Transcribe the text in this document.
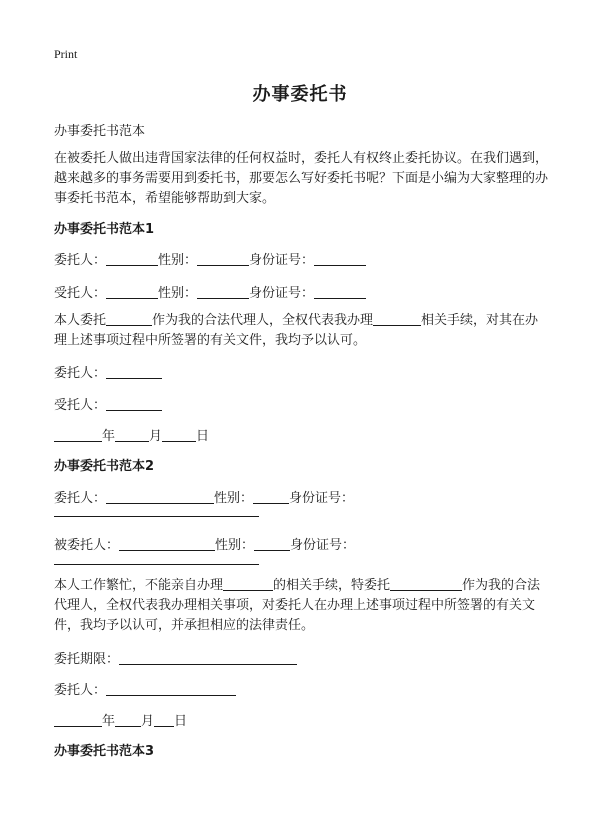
Print
办事委托书
办事委托书范本
在被委托人做出违背国家法律的任何权益时，委托人有权终止委托协议。在我们遇到，越来越多的事务需要用到委托书，那要怎么写好委托书呢？下面是小编为大家整理的办事委托书范本，希望能够帮助到大家。
办事委托书范本1
委托人：	性别：	身份证号：
受托人：	性别：	身份证号：
本人委托	作为我的合法代理人，全权代表我办理	相关手续，对其在办理上述事项过程中所签署的有关文件，我均予以认可。
委托人：
受托人：
年	月	日
办事委托书范本2
委托人：	性别：	身份证号：
被委托人：	性别：	身份证号：
本人工作繁忙，不能亲自办理	的相关手续，特委托	作为我的合法代理人，全权代表我办理相关事项，对委托人在办理上述事项过程中所签署的有关文件，我均予以认可，并承担相应的法律责任。
委托期限：
委托人：
年 月 日
办事委托书范本3
